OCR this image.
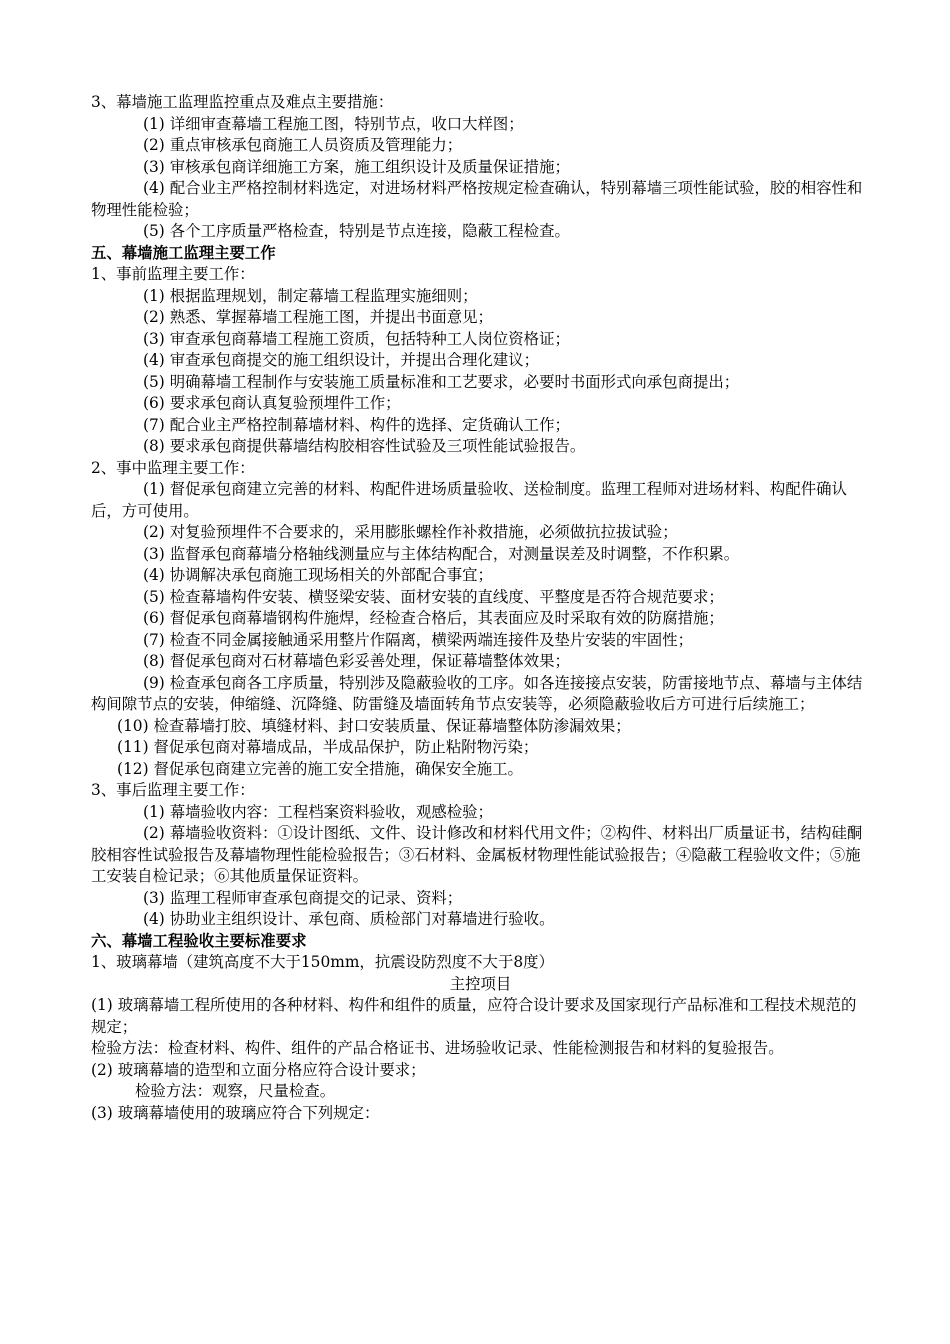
3、幕墙施工监理监控重点及难点主要措施：

(1) 详细审查幕墙工程施工图，特别节点，收口大样图；

(2) 重点审核承包商施工人员资质及管理能力；

(3) 审核承包商详细施工方案，施工组织设计及质量保证措施；

(4) 配合业主严格控制材料选定，对进场材料严格按规定检查确认，特别幕墙三项性能试验，胶的相容性和物理性能检验；

(5) 各个工序质量严格检查，特别是节点连接，隐蔽工程检查。

五、幕墙施工监理主要工作

1、事前监理主要工作：

(1) 根据监理规划，制定幕墙工程监理实施细则；

(2) 熟悉、掌握幕墙工程施工图，并提出书面意见；

(3) 审查承包商幕墙工程施工资质，包括特种工人岗位资格证；

(4) 审查承包商提交的施工组织设计，并提出合理化建议；

(5) 明确幕墙工程制作与安装施工质量标准和工艺要求，必要时书面形式向承包商提出；

(6) 要求承包商认真复验预埋件工作；

(7) 配合业主严格控制幕墙材料、构件的选择、定货确认工作；

(8) 要求承包商提供幕墙结构胶相容性试验及三项性能试验报告。

2、事中监理主要工作：

(1) 督促承包商建立完善的材料、构配件进场质量验收、送检制度。监理工程师对进场材料、构配件确认后，方可使用。

(2) 对复验预埋件不合要求的，采用膨胀螺栓作补救措施，必须做抗拉拔试验；

(3) 监督承包商幕墙分格轴线测量应与主体结构配合，对测量误差及时调整，不作积累。

(4) 协调解决承包商施工现场相关的外部配合事宜；

(5) 检查幕墙构件安装、横竖梁安装、面材安装的直线度、平整度是否符合规范要求；

(6) 督促承包商幕墙钢构件施焊，经检查合格后，其表面应及时采取有效的防腐措施；

(7) 检查不同金属接触通采用整片作隔离，横梁两端连接件及垫片安装的牢固性；

(8) 督促承包商对石材幕墙色彩妥善处理，保证幕墙整体效果；

(9) 检查承包商各工序质量，特别涉及隐蔽验收的工序。如各连接接点安装，防雷接地节点、幕墙与主体结构间隙节点的安装，伸缩缝、沉降缝、防雷缝及墙面转角节点安装等，必须隐蔽验收后方可进行后续施工；

(10) 检查幕墙打胶、填缝材料、封口安装质量、保证幕墙整体防渗漏效果；

(11) 督促承包商对幕墙成品，半成品保护，防止粘附物污染；

(12) 督促承包商建立完善的施工安全措施，确保安全施工。

3、事后监理主要工作：

(1) 幕墙验收内容：工程档案资料验收，观感检验；

(2) 幕墙验收资料：①设计图纸、文件、设计修改和材料代用文件；②构件、材料出厂质量证书，结构硅酮胶相容性试验报告及幕墙物理性能检验报告；③石材料、金属板材物理性能试验报告；④隐蔽工程验收文件；⑤施工安装自检记录；⑥其他质量保证资料。

(3) 监理工程师审查承包商提交的记录、资料；

(4) 协助业主组织设计、承包商、质检部门对幕墙进行验收。

六、幕墙工程验收主要标准要求

1、玻璃幕墙（建筑高度不大于150mm，抗震设防烈度不大于8度）

主控项目

(1) 玻璃幕墙工程所使用的各种材料、构件和组件的质量，应符合设计要求及国家现行产品标准和工程技术规范的规定；

检验方法：检查材料、构件、组件的产品合格证书、进场验收记录、性能检测报告和材料的复验报告。

(2) 玻璃幕墙的造型和立面分格应符合设计要求；

检验方法：观察，尺量检查。

(3) 玻璃幕墙使用的玻璃应符合下列规定：
